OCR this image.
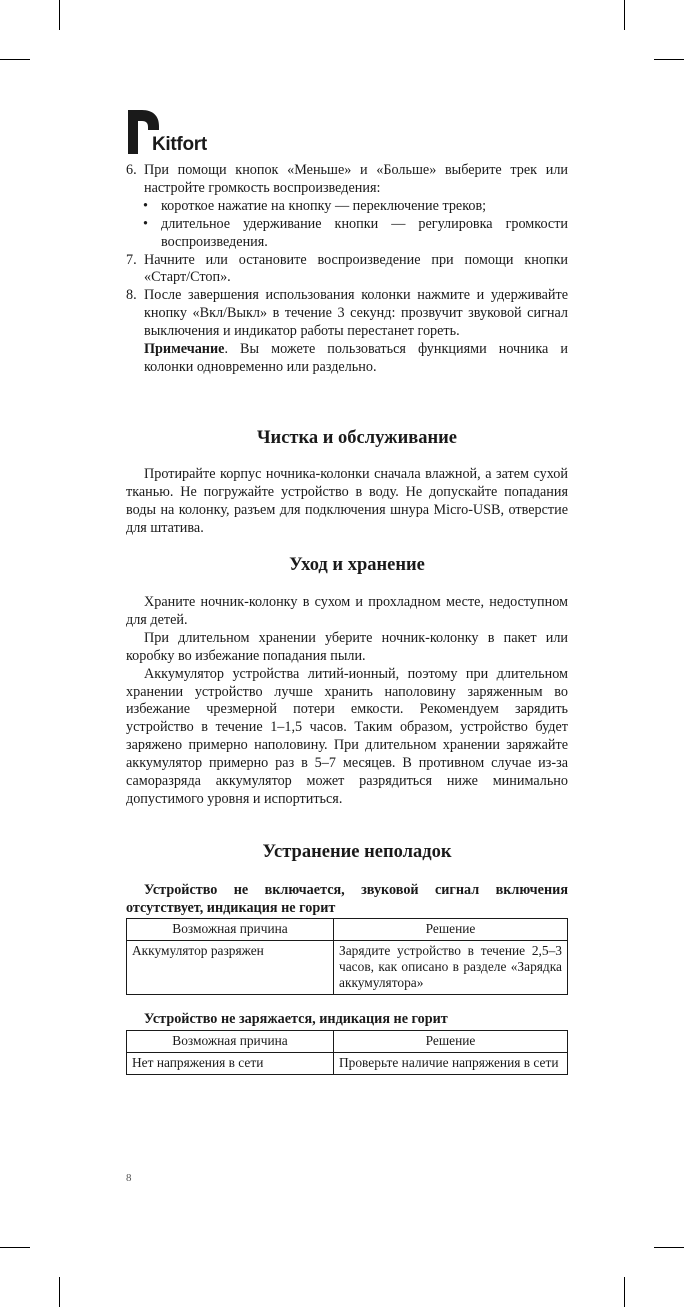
Kitfort
6. При помощи кнопок «Меньше» и «Больше» выберите трек или настройте громкость воспроизведения:
• короткое нажатие на кнопку — переключение треков;
• длительное удерживание кнопки — регулировка громкости воспроизведения.
7. Начните или остановите воспроизведение при помощи кнопки «Старт/Стоп».
8. После завершения использования колонки нажмите и удерживайте кнопку «Вкл/Выкл» в течение 3 секунд: прозвучит звуковой сигнал выключения и индикатор работы перестанет гореть.
Примечание. Вы можете пользоваться функциями ночника и колонки одновременно или раздельно.
Чистка и обслуживание

Протирайте корпус ночника-колонки сначала влажной, а затем сухой тканью. Не погружайте устройство в воду. Не допускайте попадания воды на колонку, разъем для подключения шнура Micro-USB, отверстие для штатива.

Уход и хранение

Храните ночник-колонку в сухом и прохладном месте, недоступном для детей.

При длительном хранении уберите ночник-колонку в пакет или коробку во избежание попадания пыли.

Аккумулятор устройства литий-ионный, поэтому при длительном хранении устройство лучше хранить наполовину заряженным во избежание чрезмерной потери емкости. Рекомендуем зарядить устройство в течение 1–1,5 часов. Таким образом, устройство будет заряжено примерно наполовину. При длительном хранении заряжайте аккумулятор примерно раз в 5–7 месяцев. В противном случае из-за саморазряда аккумулятор может разрядиться ниже минимально допустимого уровня и испортиться.

Устранение неполадок
Устройство не включается, звуковой сигнал включения отсутствует, индикация не горит
Возможная причина	Решение
Аккумулятор разряжен	Зарядите устройство в течение 2,5–3 часов, как описано в разделе «Зарядка аккумулятора»
Устройство не заряжается, индикация не горит
Возможная причина	Решение
Нет напряжения в сети	Проверьте наличие напряжения в сети
8
